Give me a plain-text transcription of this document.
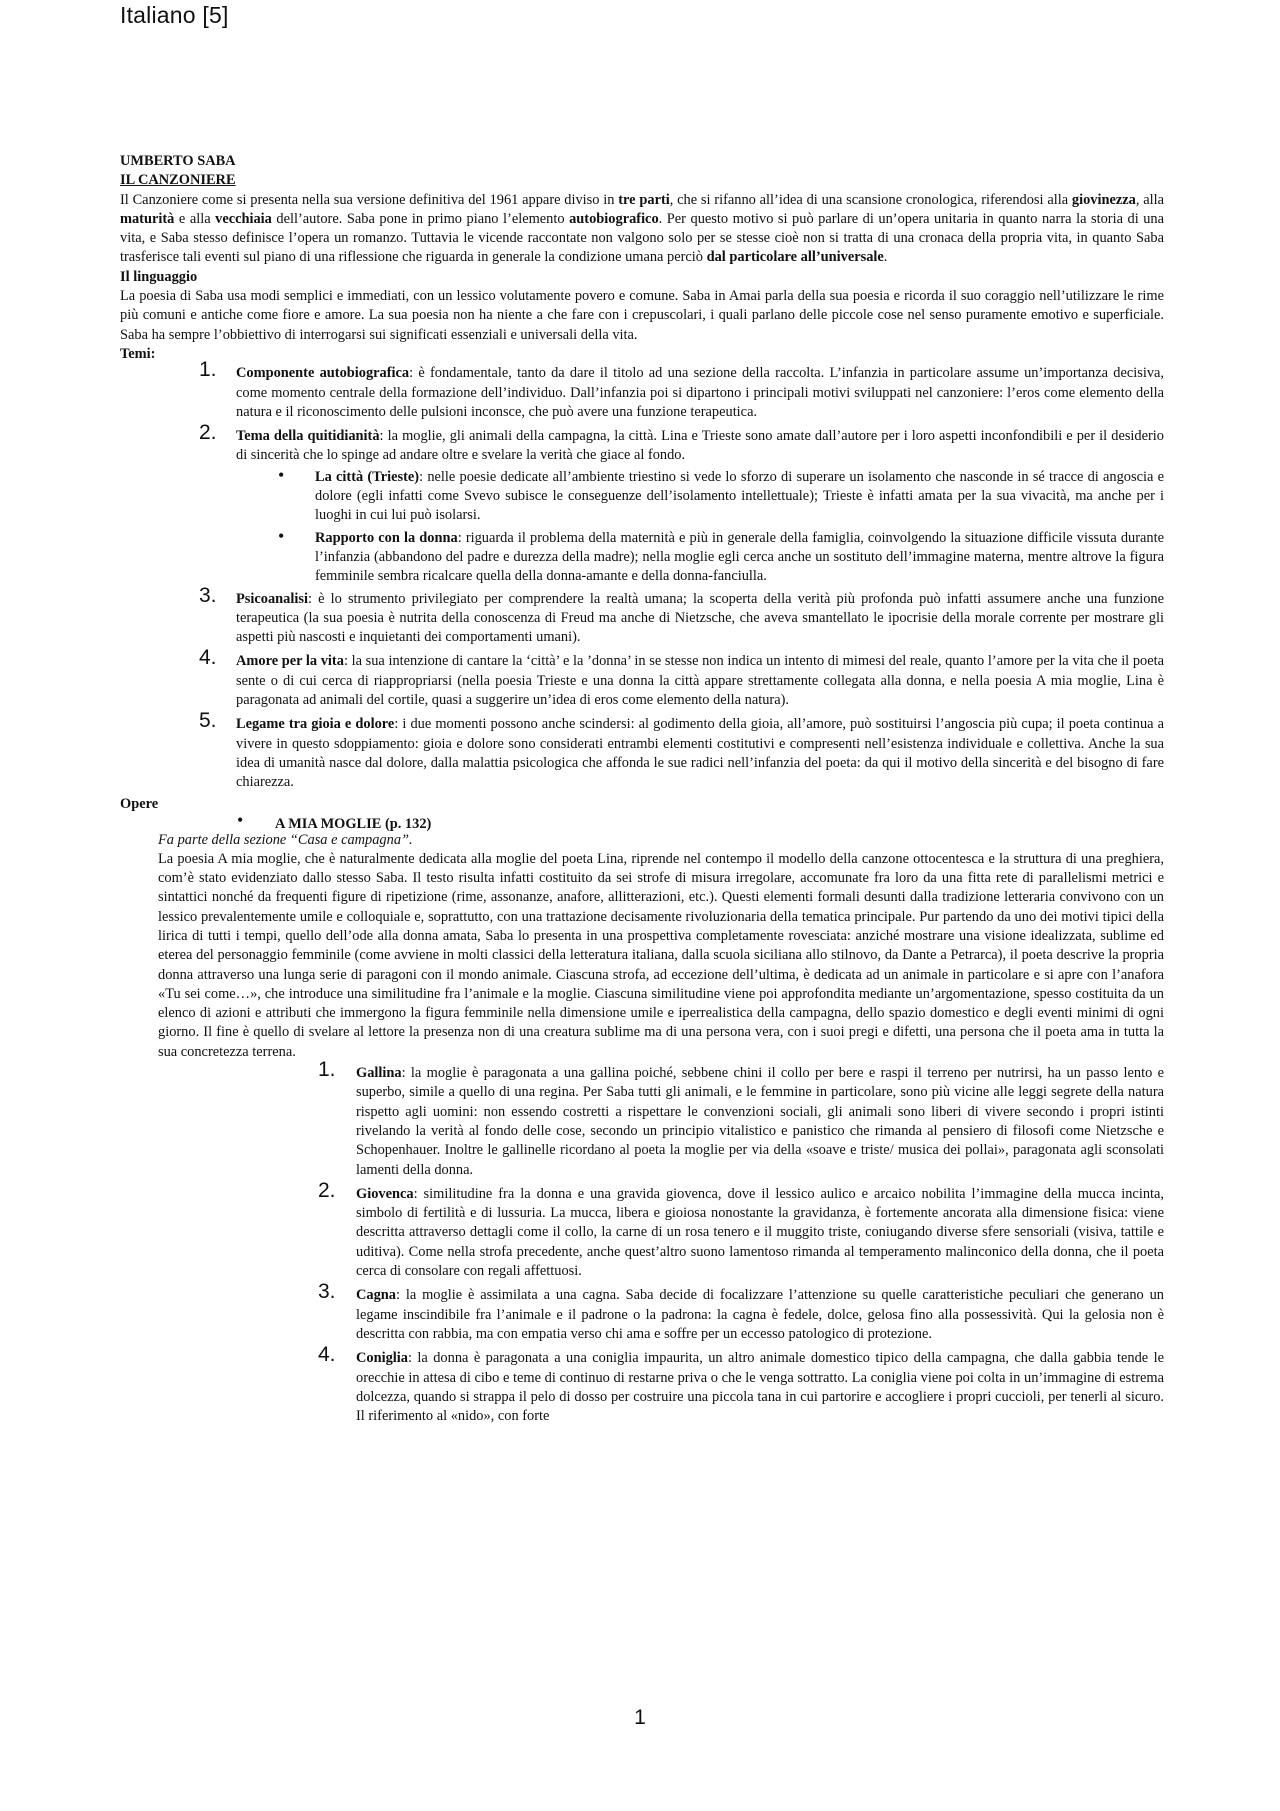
Italiano [5]

UMBERTO SABA

IL CANZONIERE

Il Canzoniere come si presenta nella sua versione definitiva del 1961 appare diviso in tre parti, che si rifanno all’idea di una scansione cronologica, riferendosi alla giovinezza, alla maturità e alla vecchiaia dell’autore. Saba pone in primo piano l’elemento autobiografico. Per questo motivo si può parlare di un’opera unitaria in quanto narra la storia di una vita, e Saba stesso definisce l’opera un romanzo. Tuttavia le vicende raccontate non valgono solo per se stesse cioè non si tratta di una cronaca della propria vita, in quanto Saba trasferisce tali eventi sul piano di una riflessione che riguarda in generale la condizione umana perciò dal particolare all’universale.

Il linguaggio

La poesia di Saba usa modi semplici e immediati, con un lessico volutamente povero e comune. Saba in Amai parla della sua poesia e ricorda il suo coraggio nell’utilizzare le rime più comuni e antiche come fiore e amore. La sua poesia non ha niente a che fare con i crepuscolari, i quali parlano delle piccole cose nel senso puramente emotivo e superficiale. Saba ha sempre l’obbiettivo di interrogarsi sui significati essenziali e universali della vita.

Temi:

1. Componente autobiografica: è fondamentale, tanto da dare il titolo ad una sezione della raccolta. L’infanzia in particolare assume un’importanza decisiva, come momento centrale della formazione dell’individuo. Dall’infanzia poi si dipartono i principali motivi sviluppati nel canzoniere: l’eros come elemento della natura e il riconoscimento delle pulsioni inconsce, che può avere una funzione terapeutica.
2. Tema della quitidianità: la moglie, gli animali della campagna, la città. Lina e Trieste sono amate dall’autore per i loro aspetti inconfondibili e per il desiderio di sincerità che lo spinge ad andare oltre e svelare la verità che giace al fondo.
• La città (Trieste): nelle poesie dedicate all’ambiente triestino si vede lo sforzo di superare un isolamento che nasconde in sé tracce di angoscia e dolore (egli infatti come Svevo subisce le conseguenze dell’isolamento intellettuale); Trieste è infatti amata per la sua vivacità, ma anche per i luoghi in cui lui può isolarsi.
• Rapporto con la donna: riguarda il problema della maternità e più in generale della famiglia, coinvolgendo la situazione difficile vissuta durante l’infanzia (abbandono del padre e durezza della madre); nella moglie egli cerca anche un sostituto dell’immagine materna, mentre altrove la figura femminile sembra ricalcare quella della donna-amante e della donna-fanciulla.
3. Psicoanalisi: è lo strumento privilegiato per comprendere la realtà umana; la scoperta della verità più profonda può infatti assumere anche una funzione terapeutica (la sua poesia è nutrita della conoscenza di Freud ma anche di Nietzsche, che aveva smantellato le ipocrisie della morale corrente per mostrare gli aspetti più nascosti e inquietanti dei comportamenti umani).
4. Amore per la vita: la sua intenzione di cantare la ‘città’ e la ’donna’ in se stesse non indica un intento di mimesi del reale, quanto l’amore per la vita che il poeta sente o di cui cerca di riappropriarsi (nella poesia Trieste e una donna la città appare strettamente collegata alla donna, e nella poesia A mia moglie, Lina è paragonata ad animali del cortile, quasi a suggerire un’idea di eros come elemento della natura).
5. Legame tra gioia e dolore: i due momenti possono anche scindersi: al godimento della gioia, all’amore, può sostituirsi l’angoscia più cupa; il poeta continua a vivere in questo sdoppiamento: gioia e dolore sono considerati entrambi elementi costitutivi e compresenti nell’esistenza individuale e collettiva. Anche la sua idea di umanità nasce dal dolore, dalla malattia psicologica che affonda le sue radici nell’infanzia del poeta: da qui il motivo della sincerità e del bisogno di fare chiarezza.
Opere
• A MIA MOGLIE (p. 132)

Fa parte della sezione “Casa e campagna”.

La poesia A mia moglie, che è naturalmente dedicata alla moglie del poeta Lina, riprende nel contempo il modello della canzone ottocentesca e la struttura di una preghiera, com’è stato evidenziato dallo stesso Saba. Il testo risulta infatti costituito da sei strofe di misura irregolare, accomunate fra loro da una fitta rete di parallelismi metrici e sintattici nonché da frequenti figure di ripetizione (rime, assonanze, anafore, allitterazioni, etc.). Questi elementi formali desunti dalla tradizione letteraria convivono con un lessico prevalentemente umile e colloquiale e, soprattutto, con una trattazione decisamente rivoluzionaria della tematica principale. Pur partendo da uno dei motivi tipici della lirica di tutti i tempi, quello dell’ode alla donna amata, Saba lo presenta in una prospettiva completamente rovesciata: anziché mostrare una visione idealizzata, sublime ed eterea del personaggio femminile (come avviene in molti classici della letteratura italiana, dalla scuola siciliana allo stilnovo, da Dante a Petrarca), il poeta descrive la propria donna attraverso una lunga serie di paragoni con il mondo animale. Ciascuna strofa, ad eccezione dell’ultima, è dedicata ad un animale in particolare e si apre con l’anafora «Tu sei come…», che introduce una similitudine fra l’animale e la moglie. Ciascuna similitudine viene poi approfondita mediante un’argomentazione, spesso costituita da un elenco di azioni e attributi che immergono la figura femminile nella dimensione umile e iperrealistica della campagna, dello spazio domestico e degli eventi minimi di ogni giorno. Il fine è quello di svelare al lettore la presenza non di una creatura sublime ma di una persona vera, con i suoi pregi e difetti, una persona che il poeta ama in tutta la sua concretezza terrena.

1. Gallina: la moglie è paragonata a una gallina poiché, sebbene chini il collo per bere e raspi il terreno per nutrirsi, ha un passo lento e superbo, simile a quello di una regina. Per Saba tutti gli animali, e le femmine in particolare, sono più vicine alle leggi segrete della natura rispetto agli uomini: non essendo costretti a rispettare le convenzioni sociali, gli animali sono liberi di vivere secondo i propri istinti rivelando la verità al fondo delle cose, secondo un principio vitalistico e panistico che rimanda al pensiero di filosofi come Nietzsche e Schopenhauer. Inoltre le gallinelle ricordano al poeta la moglie per via della «soave e triste/ musica dei pollai», paragonata agli sconsolati lamenti della donna.
2. Giovenca: similitudine fra la donna e una gravida giovenca, dove il lessico aulico e arcaico nobilita l’immagine della mucca incinta, simbolo di fertilità e di lussuria. La mucca, libera e gioiosa nonostante la gravidanza, è fortemente ancorata alla dimensione fisica: viene descritta attraverso dettagli come il collo, la carne di un rosa tenero e il muggito triste, coniugando diverse sfere sensoriali (visiva, tattile e uditiva). Come nella strofa precedente, anche quest’altro suono lamentoso rimanda al temperamento malinconico della donna, che il poeta cerca di consolare con regali affettuosi.
3. Cagna: la moglie è assimilata a una cagna. Saba decide di focalizzare l’attenzione su quelle caratteristiche peculiari che generano un legame inscindibile fra l’animale e il padrone o la padrona: la cagna è fedele, dolce, gelosa fino alla possessività. Qui la gelosia non è descritta con rabbia, ma con empatia verso chi ama e soffre per un eccesso patologico di protezione.
4. Coniglia: la donna è paragonata a una coniglia impaurita, un altro animale domestico tipico della campagna, che dalla gabbia tende le orecchie in attesa di cibo e teme di continuo di restarne priva o che le venga sottratto. La coniglia viene poi colta in un’immagine di estrema dolcezza, quando si strappa il pelo di dosso per costruire una piccola tana in cui partorire e accogliere i propri cuccioli, per tenerli al sicuro. Il riferimento al «nido», con forte
1
